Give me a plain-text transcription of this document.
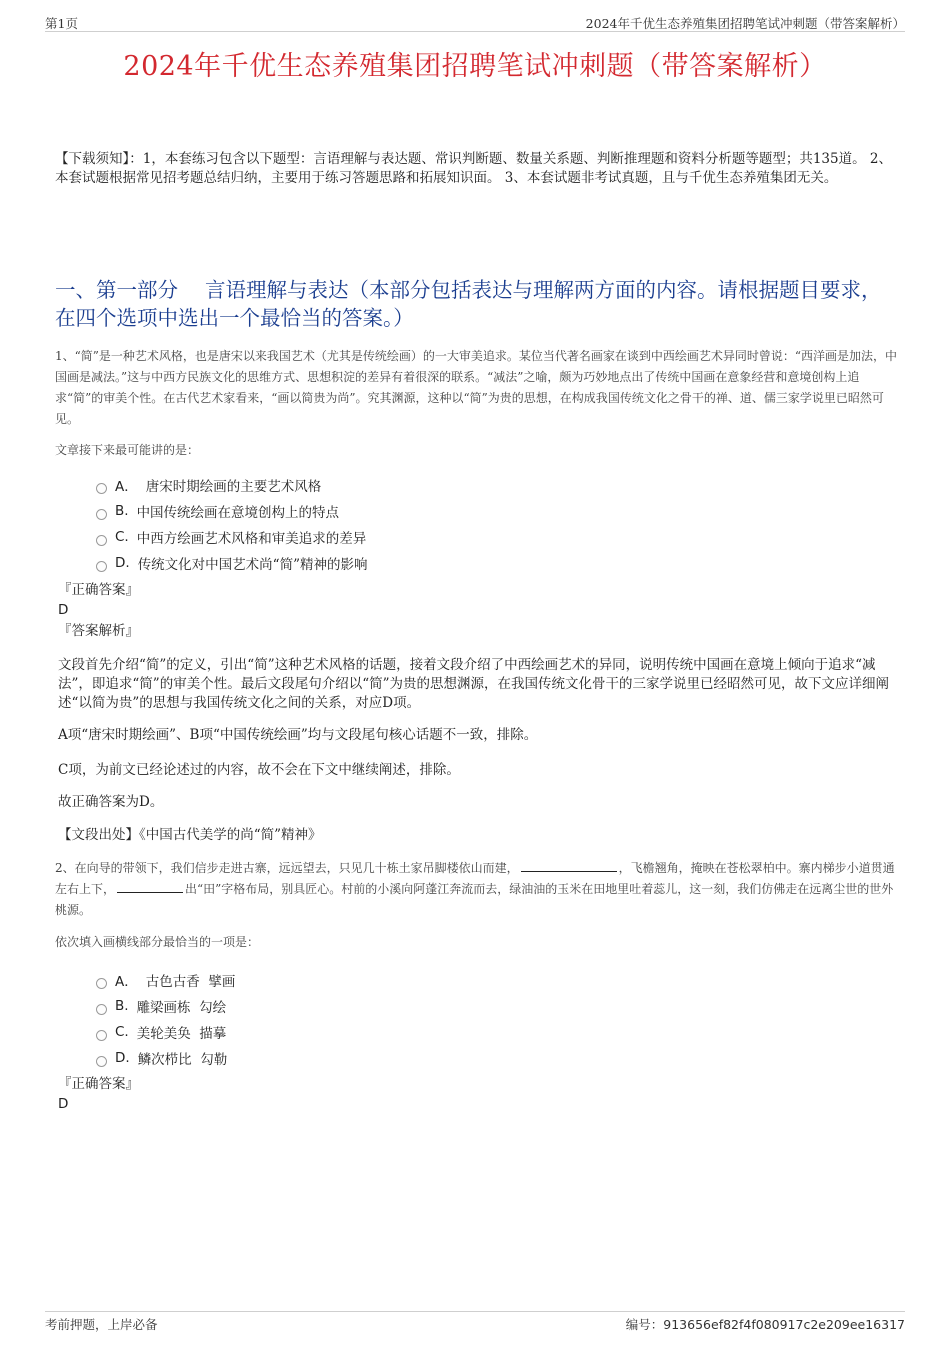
第1页	2024年千优生态养殖集团招聘笔试冲刺题（带答案解析）
2024年千优生态养殖集团招聘笔试冲刺题（带答案解析）
【下载须知】：1，本套练习包含以下题型：言语理解与表达题、常识判断题、数量关系题、判断推理题和资料分析题等题型；共135道。 2、本套试题根据常见招考题总结归纳，主要用于练习答题思路和拓展知识面。 3、本套试题非考试真题，且与千优生态养殖集团无关。
一、第一部分　 言语理解与表达（本部分包括表达与理解两方面的内容。请根据题目要求，在四个选项中选出一个最恰当的答案。）
1、“简”是一种艺术风格，也是唐宋以来我国艺术（尤其是传统绘画）的一大审美追求。某位当代著名画家在谈到中西绘画艺术异同时曾说：“西洋画是加法，中国画是减法。”这与中西方民族文化的思维方式、思想积淀的差异有着很深的联系。“减法”之喻，颇为巧妙地点出了传统中国画在意象经营和意境创构上追求“简”的审美个性。在古代艺术家看来，“画以简贵为尚”。究其渊源，这种以“简”为贵的思想，在构成我国传统文化之骨干的禅、道、儒三家学说里已昭然可见。
文章接下来最可能讲的是：
A． 唐宋时期绘画的主要艺术风格
B. 中国传统绘画在意境创构上的特点
C. 中西方绘画艺术风格和审美追求的差异
D. 传统文化对中国艺术尚“简”精神的影响
『正确答案』
D
『答案解析』
文段首先介绍“简”的定义，引出“简”这种艺术风格的话题，接着文段介绍了中西绘画艺术的异同，说明传统中国画在意境上倾向于追求“减法”，即追求“简”的审美个性。最后文段尾句介绍以“简”为贵的思想渊源，在我国传统文化骨干的三家学说里已经昭然可见，故下文应详细阐述“以简为贵”的思想与我国传统文化之间的关系，对应D项。
A项“唐宋时期绘画”、B项“中国传统绘画”均与文段尾句核心话题不一致，排除。
C项，为前文已经论述过的内容，故不会在下文中继续阐述，排除。
故正确答案为D。
【文段出处】《中国古代美学的尚“简”精神》
2、在向导的带领下，我们信步走进古寨，远远望去，只见几十栋土家吊脚楼依山而建，	，飞檐翘角，掩映在苍松翠柏中。寨内梯步小道贯通左右上下，	出“田”字格布局，别具匠心。村前的小溪向阿蓬江奔流而去，绿油油的玉米在田地里吐着蕊儿，这一刻，我们仿佛走在远离尘世的世外桃源。
依次填入画横线部分最恰当的一项是：
A． 古色古香  擘画
B. 雕梁画栋  勾绘
C. 美轮美奂  描摹
D. 鳞次栉比  勾勒
『正确答案』
D
考前押题，上岸必备	编号：913656ef82f4f080917c2e209ee16317
